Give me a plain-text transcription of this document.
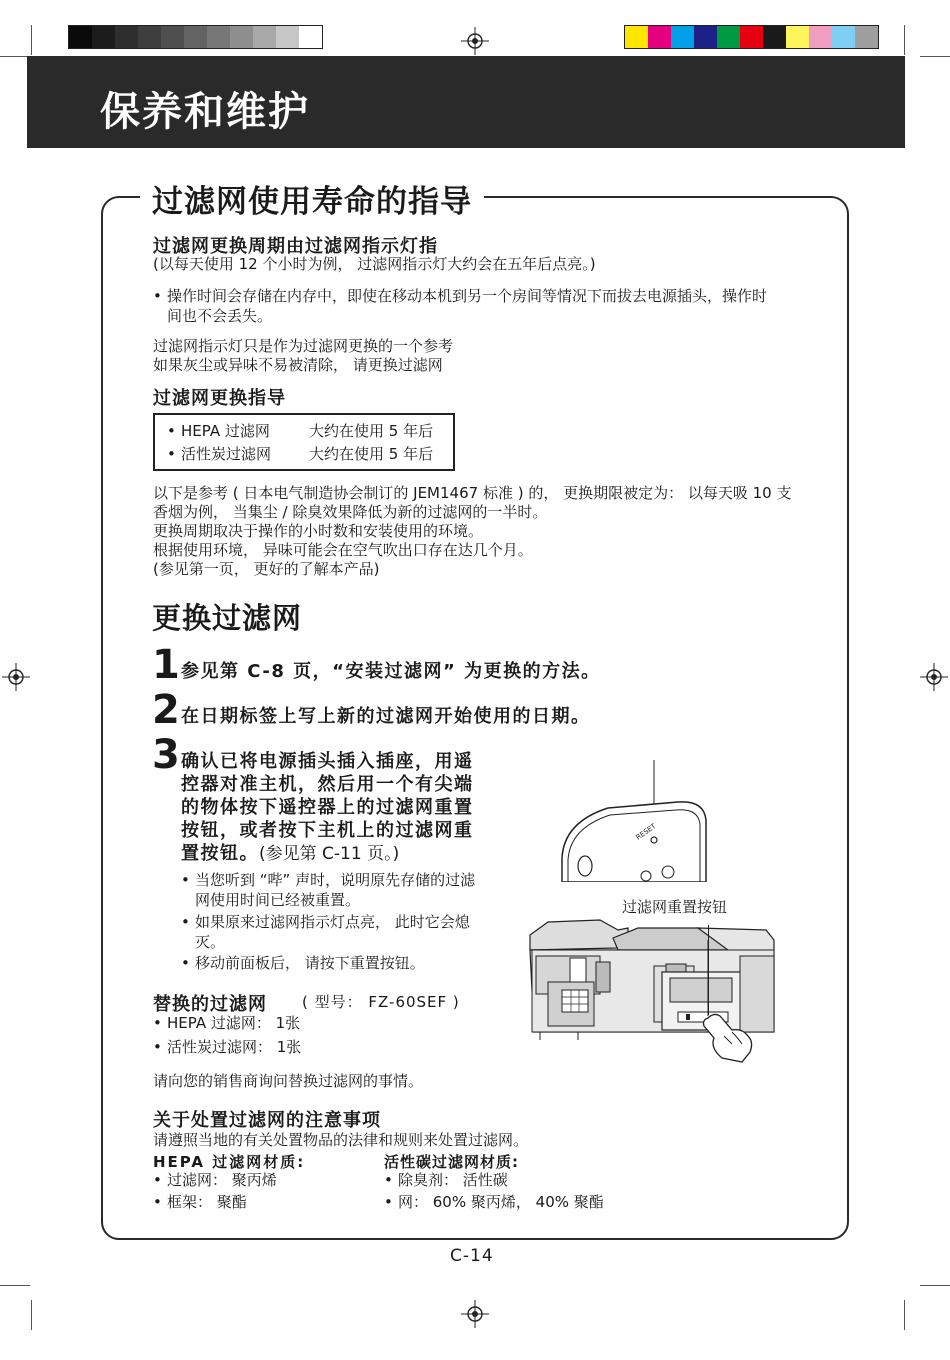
保养和维护
过滤网使用寿命的指导
过滤网更换周期由过滤网指示灯指
(以每天使用 12 个小时为例， 过滤网指示灯大约会在五年后点亮。)
• 操作时间会存储在内存中，即使在移动本机到另一个房间等情况下而拔去电源插头，操作时
间也不会丢失。
过滤网指示灯只是作为过滤网更换的一个参考
如果灰尘或异味不易被清除， 请更换过滤网
过滤网更换指导
• HEPA 过滤网	大约在使用 5 年后
• 活性炭过滤网	大约在使用 5 年后
以下是参考 ( 日本电气制造协会制订的 JEM1467 标准 ) 的， 更换期限被定为： 以每天吸 10 支
香烟为例， 当集尘 / 除臭效果降低为新的过滤网的一半时。
更换周期取决于操作的小时数和安装使用的环境。
根据使用环境， 异味可能会在空气吹出口存在达几个月。
(参见第一页， 更好的了解本产品)
更换过滤网
1 参见第 C-8 页，“安装过滤网” 为更换的方法。
2 在日期标签上写上新的过滤网开始使用的日期。
3 确认已将电源插头插入插座，用遥
控器对准主机，然后用一个有尖端
的物体按下遥控器上的过滤网重置
按钮，或者按下主机上的过滤网重
置按钮。(参见第 C-11 页。)
• 当您听到 “哔” 声时，说明原先存储的过滤
网使用时间已经被重置。
• 如果原来过滤网指示灯点亮， 此时它会熄
灭。
• 移动前面板后， 请按下重置按钮。
RESET
过滤网重置按钮
替换的过滤网 ( 型号： FZ-60SEF )
• HEPA 过滤网： 1张
• 活性炭过滤网： 1张
请向您的销售商询问替换过滤网的事情。
关于处置过滤网的注意事项
请遵照当地的有关处置物品的法律和规则来处置过滤网。
HEPA 过滤网材质:
• 过滤网： 聚丙烯
• 框架： 聚酯
活性碳过滤网材质:
• 除臭剂： 活性碳
• 网： 60% 聚丙烯， 40% 聚酯
C-14
